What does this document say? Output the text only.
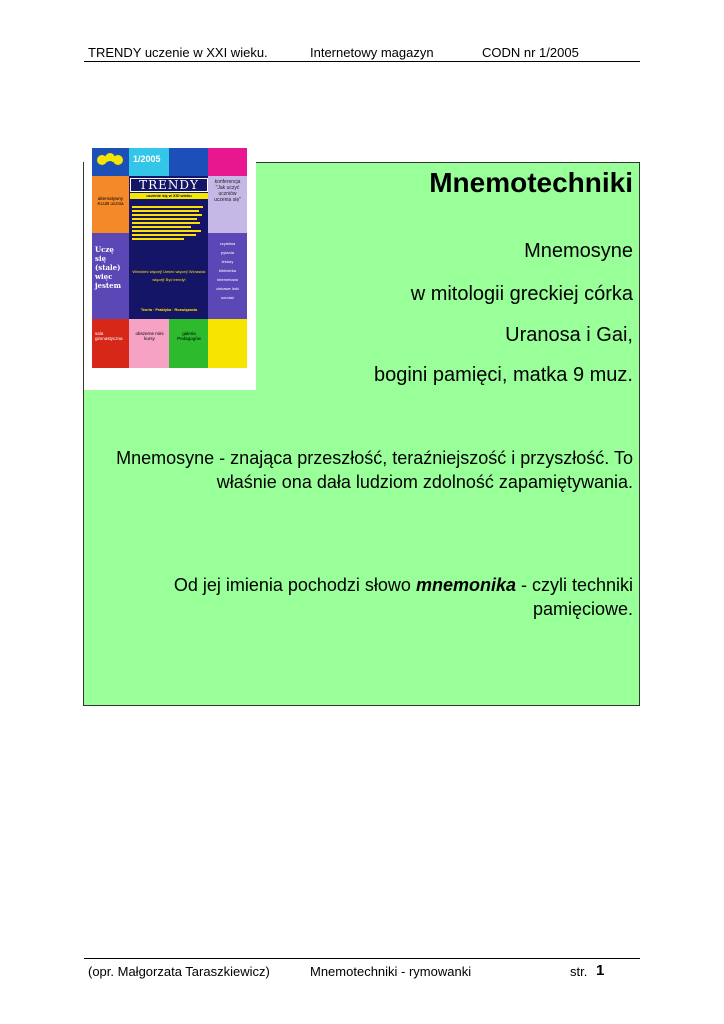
TRENDY uczenie w XXI wieku.	Internetowy magazyn	CODN nr 1/2005
Mnemotechniki
Mnemosyne
w mitologii greckiej córka
Uranosa i Gai,
bogini pamięci, matka 9 muz.
Mnemosyne - znająca przeszłość, teraźniejszość i przyszłość. To właśnie ona dała ludziom zdolność zapamiętywania.
Od jej imienia pochodzi słowo mnemonika - czyli techniki pamięciowe.
1/2005
alternatywny KLUB ucznia
Uczę się (stale) więc jestem
TRENDY
uczenie się w XXI wieku
Wiedzieć więcej! Umieć więcej! Wzrastać więcej! Być trendy!
Teoria · Praktyka · Rozwiązania
konferencja "Jak uczyć uczniów uczenia się"
czytelnia
pytania
lektury
biblioteka
internetowa
ciekawe linki
sondaż
sala gimnastyczna
obszerne mini kursy
galeria Pedagogów
(opr. Małgorzata Taraszkiewicz)	Mnemotechniki - rymowanki	str. 1
